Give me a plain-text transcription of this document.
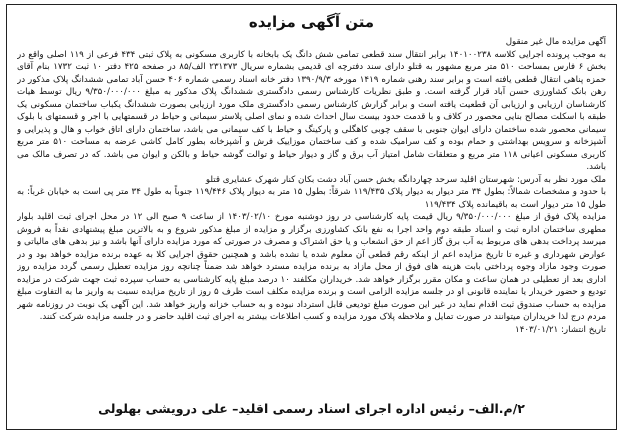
متن آگهی مزایده

آگهی مزایده مال غیر منقول

به موجب پرونده اجرایی کلاسه ۱۴۰۱۰۰۲۳۸ برابر انتقال سند قطعی تمامی شش دانگ یک بابخانه با کاربری مسکونی به پلاک ثبتی ۴۳۴ فرعی از ۱۱۹ اصلی واقع در بخش ۶ فارس بمساحت ۵۱۰ متر مربع مشهور به قتلو دارای سند دفترچه ای قدیمی بشماره سریال ۲۳۱۳۷۳ الف/۸۵ در صفحه ۴۲۵ دفتر ۱۰ ثبت ۱۷۳۲ بنام آقای حمزه پناهی انتقال قطعی یافته است و برابر سند رهنی شماره ۱۴۱۹ مورخه ۱۳۹۰/۹/۳ دفتر خانه اسناد رسمی شماره ۴۰۶ حسن آباد تمامی ششدانگ پلاک مذکور در رهن بانک کشاورزی حسن آباد قرار گرفته است. و طبق نظریات کارشناس رسمی دادگستری ششدانگ پلاک مذکور به مبلغ ۹/۳۵۰/۰۰۰/۰۰۰ ریال توسط هیات کارشناسان ارزیابی و ارزیابی آن قطعیت یافته است و برابر گزارش کارشناس رسمی دادگستری ملک مورد ارزیابی بصورت ششدانگ یکباب ساختمان مسکونی یک طبقه با اسکلت مصالح بنایی محصور در کلاف و با قدمت حدود بیست سال احداث شده و نمای اصلی پلاستر سیمانی و حیاط در قسمتهایی با اجر و قسمتهای با بلوک سیمانی محصور شده ساختمان دارای ایوان جنوبی با سقف چوبی کاهگلی و پارکینگ و حیاط با کف سیمانی می باشد، ساختمان دارای اتاق خواب و هال و پذیرایی و آشپزخانه و سرویس بهداشتی و حمام بوده و کف سرامیک شده و کف ساختمان موزاییک فرش و آشپزخانه بطور کامل کاشی عرضه به مساحت ۵۱۰ متر مربع کاربری مسکونی اعیانی ۱۱۸ متر مربع و متعلقات شامل امتیاز آب برق و گاز و دیوار حیاط و توالت گوشه حیاط و بالکن و ایوان می باشد. که در تصرف مالک می باشد.

ملک مورد نظر به آدرس: شهرستان اقلید سرحد چهاردانگه بخش حسن آباد دشت بکان کنار شهرک عشایری قتلو

با حدود و مشخصات شمالاً: بطول ۳۴ متر دیوار به دیوار پلاک ۱۱۹/۴۳۵ شرقاً: بطول ۱۵ متر به دیوار پلاک ۱۱۹/۴۴۶ جنوباً به طول ۳۴ متر پی است به خیابان غرباً: به طول ۱۵ متر دیوار است به باقیمانده پلاک ۱۱۹/۴۳۴

مزایده پلاک فوق از مبلغ ۹/۳۵۰/۰۰۰/۰۰۰ ریال قیمت پایه کارشناسی در روز دوشنبه مورخ ۱۴۰۳/۰۲/۱۰ از ساعت ۹ صبح الی ۱۲ در محل اجرای ثبت اقلید بلوار مطهری ساختمان اداره ثبت و اسناد طبقه دوم واحد اجرا به نفع بانک کشاورزی برگزار و مزایده از مبلغ مذکور شروع و به بالاترین مبلغ پیشنهادی نقداً به فروش میرسد پرداخت بدهی های مربوط به آب برق گاز اعم از حق انشعاب و یا حق اشتراک و مصرف در صورتی که مورد مزایده دارای آنها باشد و نیز بدهی های مالیاتی و عوارض شهرداری و غیره تا تاریخ مزایده اعم از اینکه رقم قطعی آن معلوم شده یا نشده باشد و همچنین حقوق اجرایی کلا به عهده برنده مزایده خواهد بود و در صورت وجود مازاد وجوه پرداختی بابت هزینه های فوق از محل مازاد به برنده مزایده مسترد خواهد شد ضمناً چنانچه روز مزایده تعطیل رسمی گردد مزایده روز اداری بعد از تعطیلی در همان ساعت و مکان مقرر برگزار خواهد شد. خریداران مکلفند ۱۰ درصد مبلغ پایه کارشناسی به حساب سپرده ثبت جهت شرکت در مزایده تودیع و حضور خریدار یا نماینده قانونی او در جلسه مزایده الزامی است و برنده مزایده مکلف است ظرف ۵ روز از تاریخ مزایده نسبت به واریز ما به التفاوت مبلغ مزایده به حساب صندوق ثبت اقدام نماید در غیر این صورت مبلغ تودیعی قابل استرداد نبوده و به حساب خزانه واریز خواهد شد. این آگهی یک نوبت در روزنامه شهر مردم درج لذا خریداران میتوانند در صورت تمایل و ملاحظه پلاک مورد مزایده و کسب اطلاعات بیشتر به اجرای ثبت اقلید حاضر و در جلسه مزایده شرکت کنند.

تاریخ انتشار: ۱۴۰۳/۰۱/۲۱

۲/م.الف– رئیس اداره اجرای اسناد رسمی اقلید– علی درویشی بهلولی
